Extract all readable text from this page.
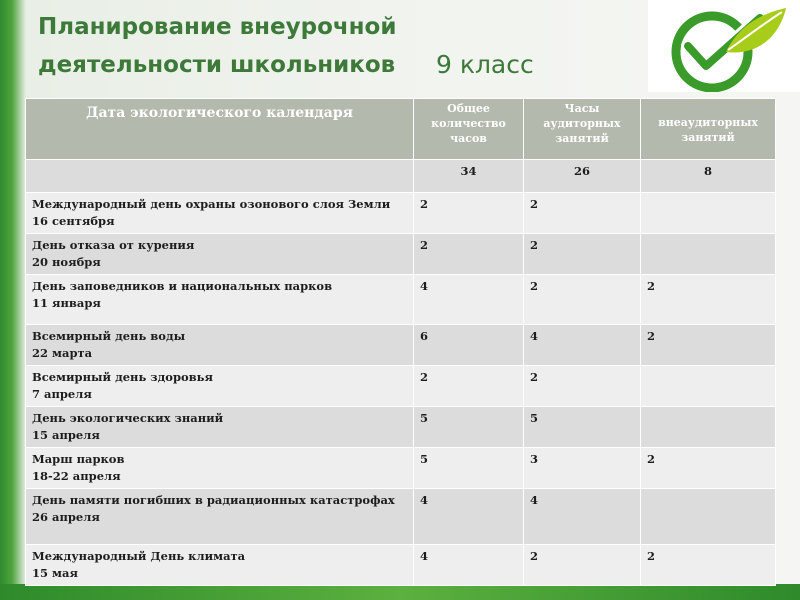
Планирование внеурочной
деятельности школьников	9 класс
Дата экологического календаря	Общее количество часов	Часы аудиторных занятий	внеаудиторных занятий

	34	26	8

Международный день охраны озонового слоя Земли
16 сентября	2	2	

День отказа от курения
20 ноября	2	2	

День заповедников и национальных парков
11 января	4	2	2

Всемирный день воды
22 марта	6	4	2

Всемирный день здоровья
7 апреля	2	2	

День экологических знаний
15 апреля	5	5	

Марш парков
18-22 апреля	5	3	2

День памяти погибших в радиационных катастрофах
26 апреля	4	4	

Международный День климата
15 мая	4	2	2
